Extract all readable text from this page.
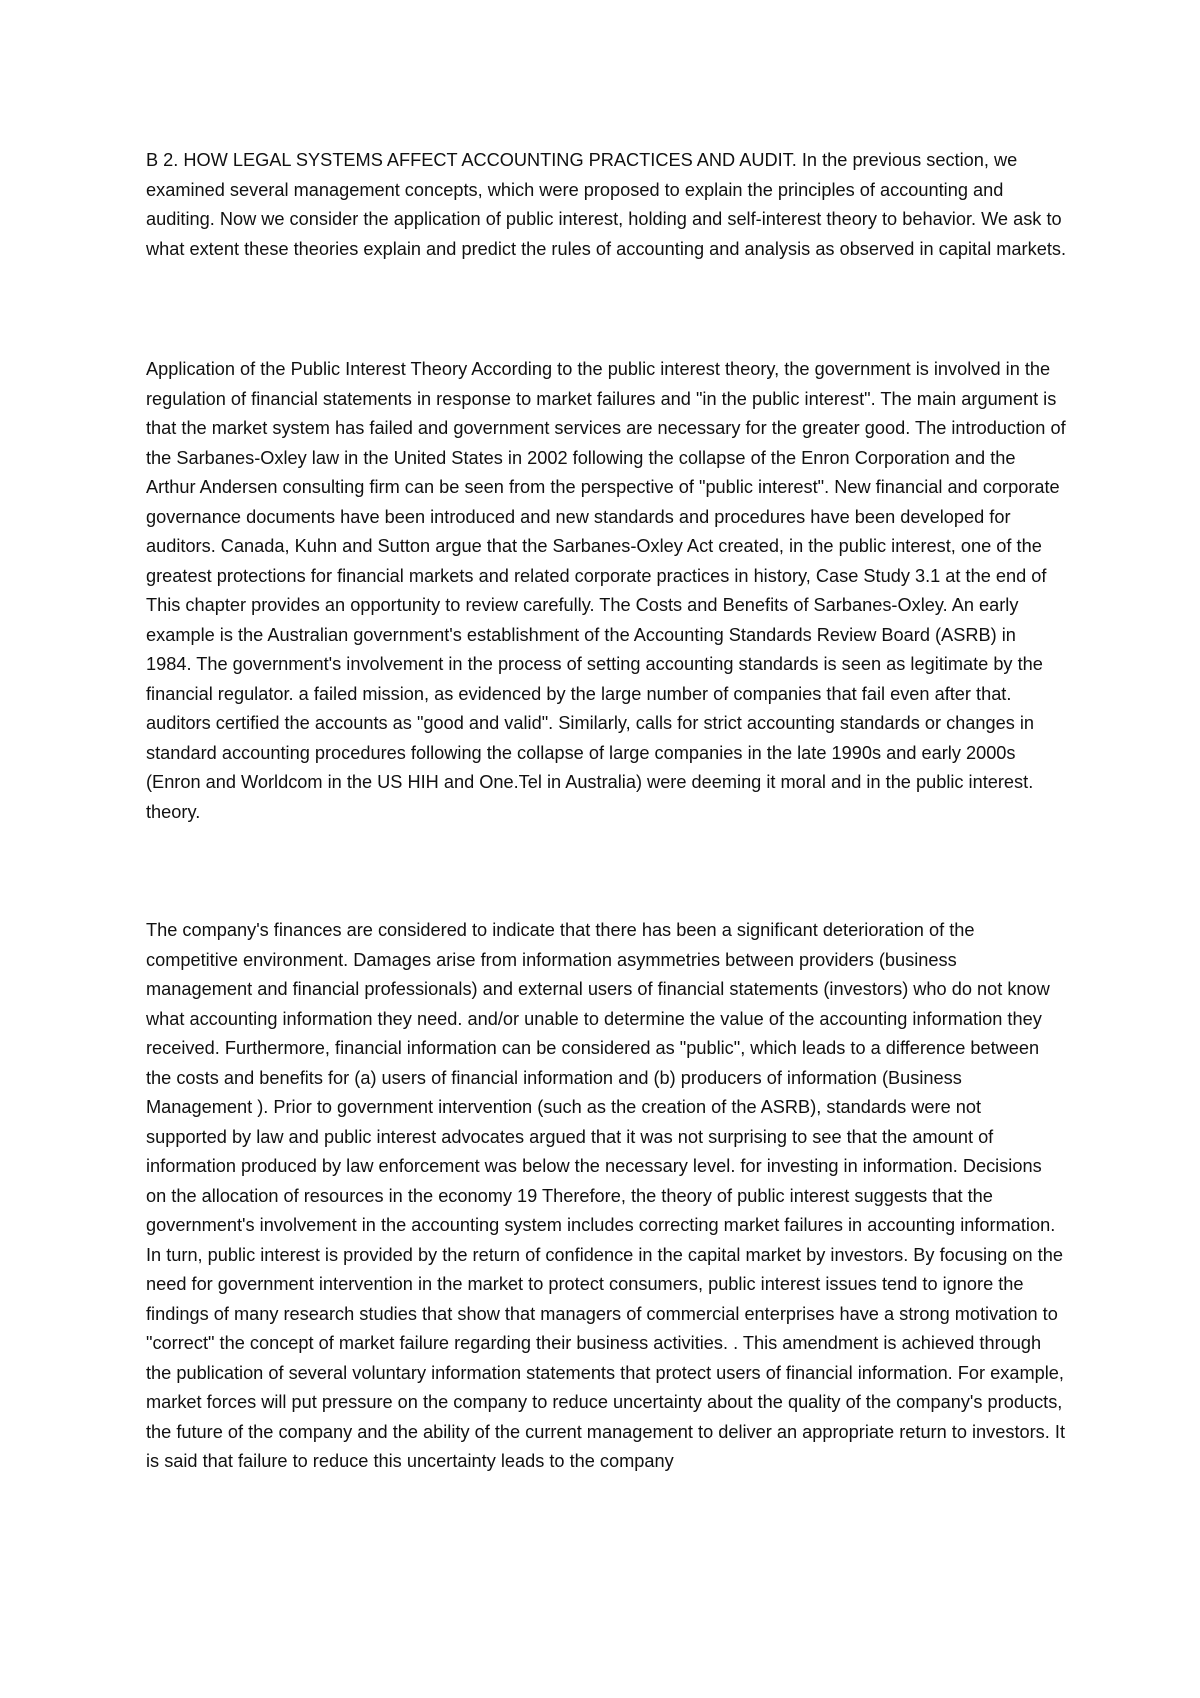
B 2. HOW LEGAL SYSTEMS AFFECT ACCOUNTING PRACTICES AND AUDIT. In the previous section, we examined several management concepts, which were proposed to explain the principles of accounting and auditing. Now we consider the application of public interest, holding and self-interest theory to behavior. We ask to what extent these theories explain and predict the rules of accounting and analysis as observed in capital markets.

Application of the Public Interest Theory According to the public interest theory, the government is involved in the regulation of financial statements in response to market failures and "in the public interest". The main argument is that the market system has failed and government services are necessary for the greater good. The introduction of the Sarbanes-Oxley law in the United States in 2002 following the collapse of the Enron Corporation and the Arthur Andersen consulting firm can be seen from the perspective of "public interest". New financial and corporate governance documents have been introduced and new standards and procedures have been developed for auditors. Canada, Kuhn and Sutton argue that the Sarbanes-Oxley Act created, in the public interest, one of the greatest protections for financial markets and related corporate practices in history, Case Study 3.1 at the end of This chapter provides an opportunity to review carefully. The Costs and Benefits of Sarbanes-Oxley. An early example is the Australian government's establishment of the Accounting Standards Review Board (ASRB) in 1984. The government's involvement in the process of setting accounting standards is seen as legitimate by the financial regulator. a failed mission, as evidenced by the large number of companies that fail even after that. auditors certified the accounts as "good and valid". Similarly, calls for strict accounting standards or changes in standard accounting procedures following the collapse of large companies in the late 1990s and early 2000s (Enron and Worldcom in the US HIH and One.Tel in Australia) were deeming it moral and in the public interest. theory.

The company's finances are considered to indicate that there has been a significant deterioration of the competitive environment. Damages arise from information asymmetries between providers (business management and financial professionals) and external users of financial statements (investors) who do not know what accounting information they need. and/or unable to determine the value of the accounting information they received. Furthermore, financial information can be considered as "public", which leads to a difference between the costs and benefits for (a) users of financial information and (b) producers of information (Business Management ). Prior to government intervention (such as the creation of the ASRB), standards were not supported by law and public interest advocates argued that it was not surprising to see that the amount of information produced by law enforcement was below the necessary level. for investing in information. Decisions on the allocation of resources in the economy 19 Therefore, the theory of public interest suggests that the government's involvement in the accounting system includes correcting market failures in accounting information. In turn, public interest is provided by the return of confidence in the capital market by investors. By focusing on the need for government intervention in the market to protect consumers, public interest issues tend to ignore the findings of many research studies that show that managers of commercial enterprises have a strong motivation to "correct" the concept of market failure regarding their business activities. . This amendment is achieved through the publication of several voluntary information statements that protect users of financial information. For example, market forces will put pressure on the company to reduce uncertainty about the quality of the company's products, the future of the company and the ability of the current management to deliver an appropriate return to investors. It is said that failure to reduce this uncertainty leads to the company
